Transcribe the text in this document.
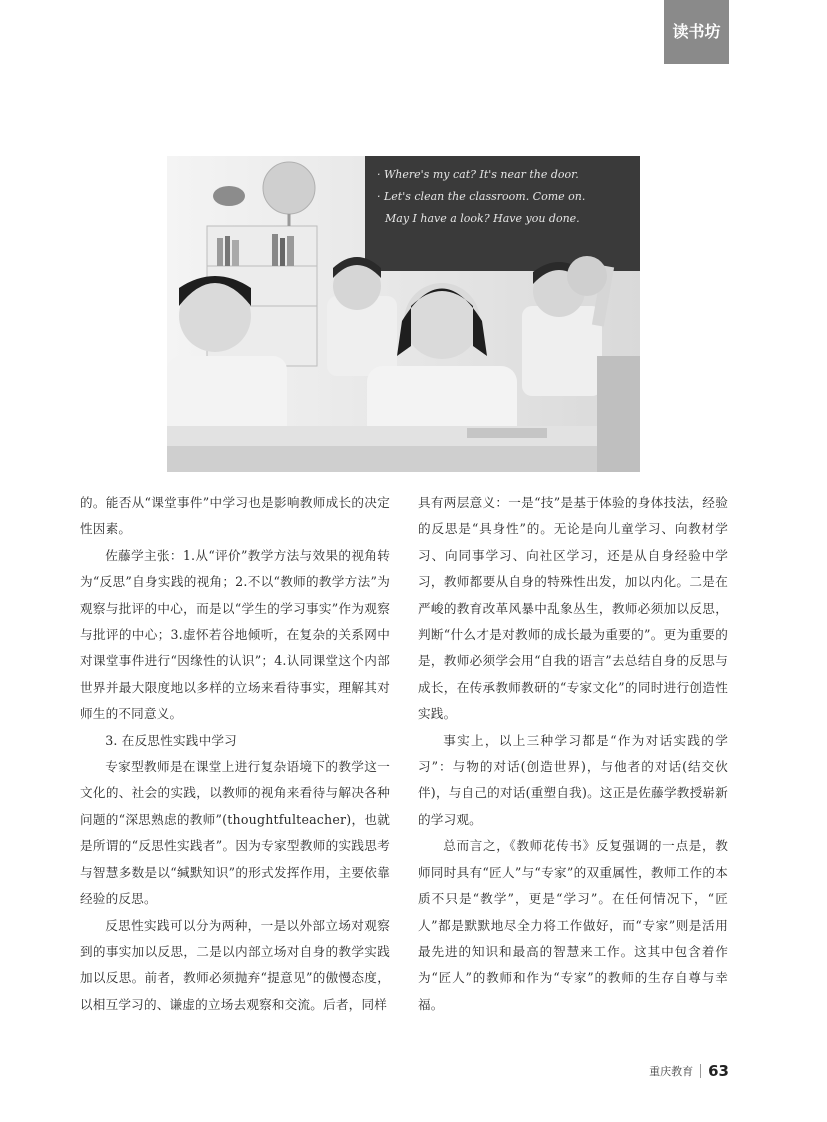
读书坊
· Where's my cat? It's near the door.
· Let's clean the classroom. Come on.
May I have a look? Have you done.

的。能否从“课堂事件”中学习也是影响教师成长的决定性因素。

佐藤学主张：1.从“评价”教学方法与效果的视角转为“反思”自身实践的视角；2.不以“教师的教学方法”为观察与批评的中心，而是以“学生的学习事实”作为观察与批评的中心；3.虚怀若谷地倾听，在复杂的关系网中对课堂事件进行“因缘性的认识”；4.认同课堂这个内部世界并最大限度地以多样的立场来看待事实，理解其对师生的不同意义。

3. 在反思性实践中学习

专家型教师是在课堂上进行复杂语境下的教学这一文化的、社会的实践，以教师的视角来看待与解决各种问题的“深思熟虑的教师”(thoughtfulteacher)，也就是所谓的“反思性实践者”。因为专家型教师的实践思考与智慧多数是以“缄默知识”的形式发挥作用，主要依靠经验的反思。

反思性实践可以分为两种，一是以外部立场对观察到的事实加以反思，二是以内部立场对自身的教学实践加以反思。前者，教师必须抛弃“提意见”的傲慢态度，以相互学习的、谦虚的立场去观察和交流。后者，同样

具有两层意义：一是“技”是基于体验的身体技法，经验的反思是“具身性”的。无论是向儿童学习、向教材学习、向同事学习、向社区学习，还是从自身经验中学习，教师都要从自身的特殊性出发，加以内化。二是在严峻的教育改革风暴中乱象丛生，教师必须加以反思，判断“什么才是对教师的成长最为重要的”。更为重要的是，教师必须学会用“自我的语言”去总结自身的反思与成长，在传承教师教研的“专家文化”的同时进行创造性实践。

事实上，以上三种学习都是“作为对话实践的学习”：与物的对话(创造世界)，与他者的对话(结交伙伴)，与自己的对话(重塑自我)。这正是佐藤学教授崭新的学习观。

总而言之，《教师花传书》反复强调的一点是，教师同时具有“匠人”与“专家”的双重属性，教师工作的本质不只是“教学”，更是“学习”。在任何情况下，“匠人”都是默默地尽全力将工作做好，而“专家”则是活用最先进的知识和最高的智慧来工作。这其中包含着作为“匠人”的教师和作为“专家”的教师的生存自尊与幸福。

重庆教育 63
